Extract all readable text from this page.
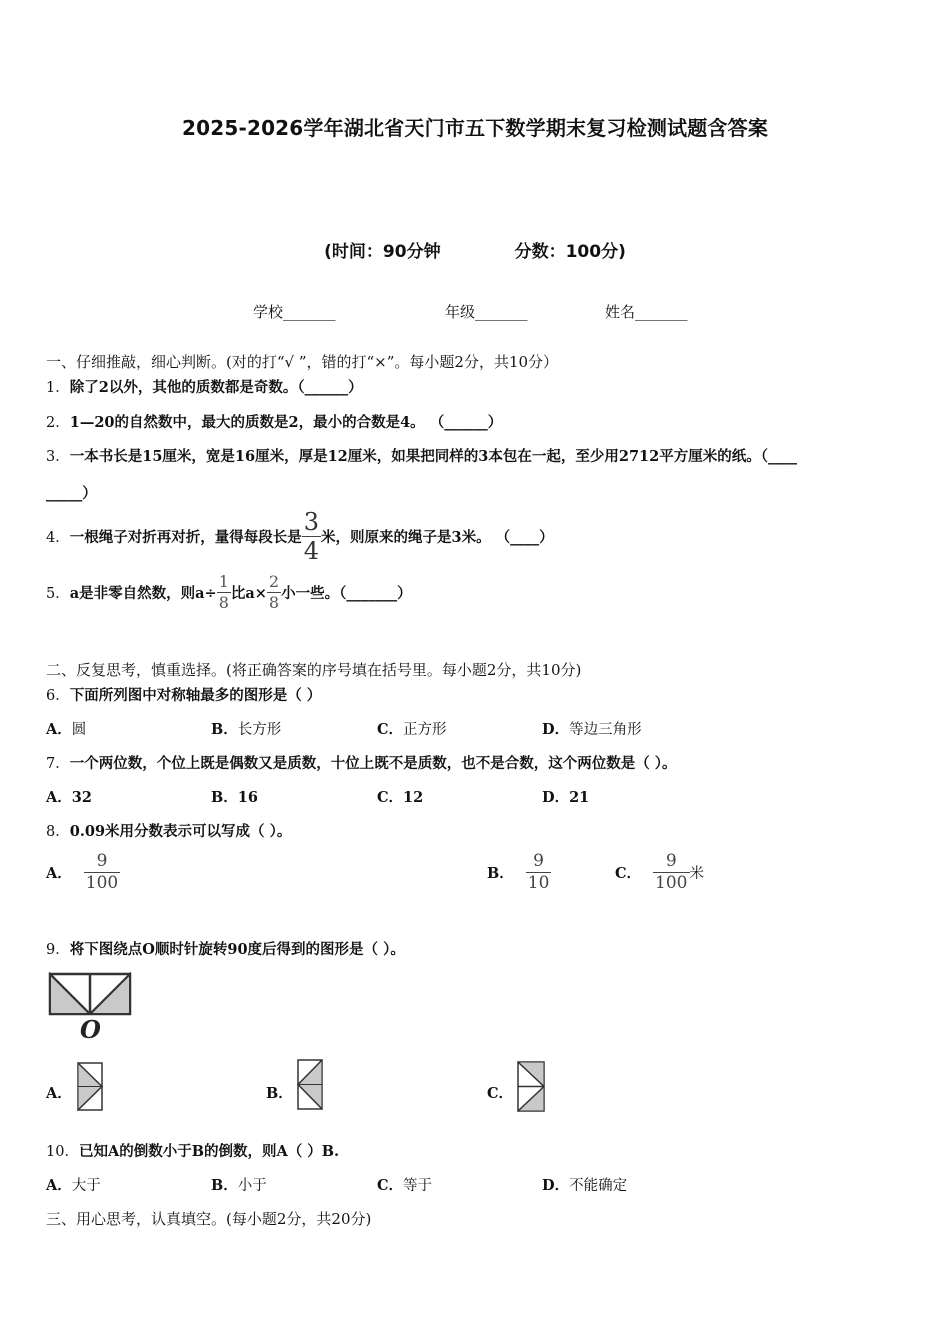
2025-2026学年湖北省天门市五下数学期末复习检测试题含答案
(时间：90分钟	分数：100分)
学校_______	年级_______	姓名_______
一、仔细推敲，细心判断。(对的打“√ ”，错的打“×”。每小题2分，共10分）
1．除了2以外，其他的质数都是奇数。（______）
2．1—20的自然数中，最大的质数是2，最小的合数是4。 （______）
3．一本书长是15厘米，宽是16厘米，厚是12厘米，如果把同样的3本包在一起，至少用2712平方厘米的纸。（____
_____）
4． 一根绳子对折再对折，量得每段长是 $\frac{3}{4}$ 米，则原来的绳子是3米。 （____）
5． a是非零自然数，则$a\div \frac{1}{8}$ 比$a\times \frac{2}{8}$ 小一些。（_______）
二、反复思考，慎重选择。(将正确答案的序号填在括号里。每小题2分，共10分)
6．下面所列图中对称轴最多的图形是（ ）
A．圆	B．长方形	C．正方形	D．等边三角形
7．一个两位数，个位上既是偶数又是质数，十位上既不是质数，也不是合数，这个两位数是（ ）。
A．32	B．16	C．12	D．21
8．0.09米用分数表示可以写成（ ）。
A． $\frac{9}{100}$	B． $\frac{9}{10}$	C． $\frac{9}{100}$ 米
9．将下图绕点O顺时针旋转90度后得到的图形是（ ）。
O
A．	B．	C．
10．已知A的倒数小于B的倒数，则A（ ）B.
A．大于	B．小于	C．等于	D．不能确定
三、用心思考，认真填空。(每小题2分，共20分)
